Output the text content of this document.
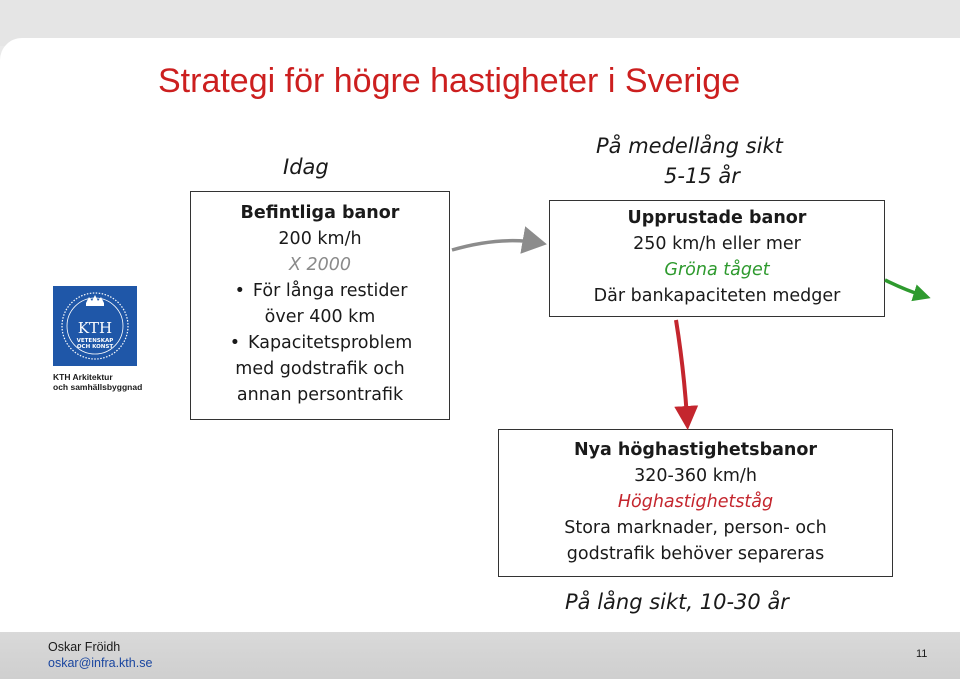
Strategi för högre hastigheter i Sverige
KTH
VETENSKAP
OCH KONST
KTH Arkitektur
och samhällsbyggnad
Idag
Befintliga banor
200 km/h
X 2000
• För långa restider
över 400 km
• Kapacitetsproblem
med godstrafik och
annan persontrafik
På medellång sikt
5-15 år
Upprustade banor
250 km/h eller mer
Gröna tåget
Där bankapaciteten medger
Nya höghastighetsbanor
320-360 km/h
Höghastighetståg
Stora marknader, person- och
godstrafik behöver separeras
På lång sikt, 10-30 år
Oskar Fröidh
oskar@infra.kth.se
11
